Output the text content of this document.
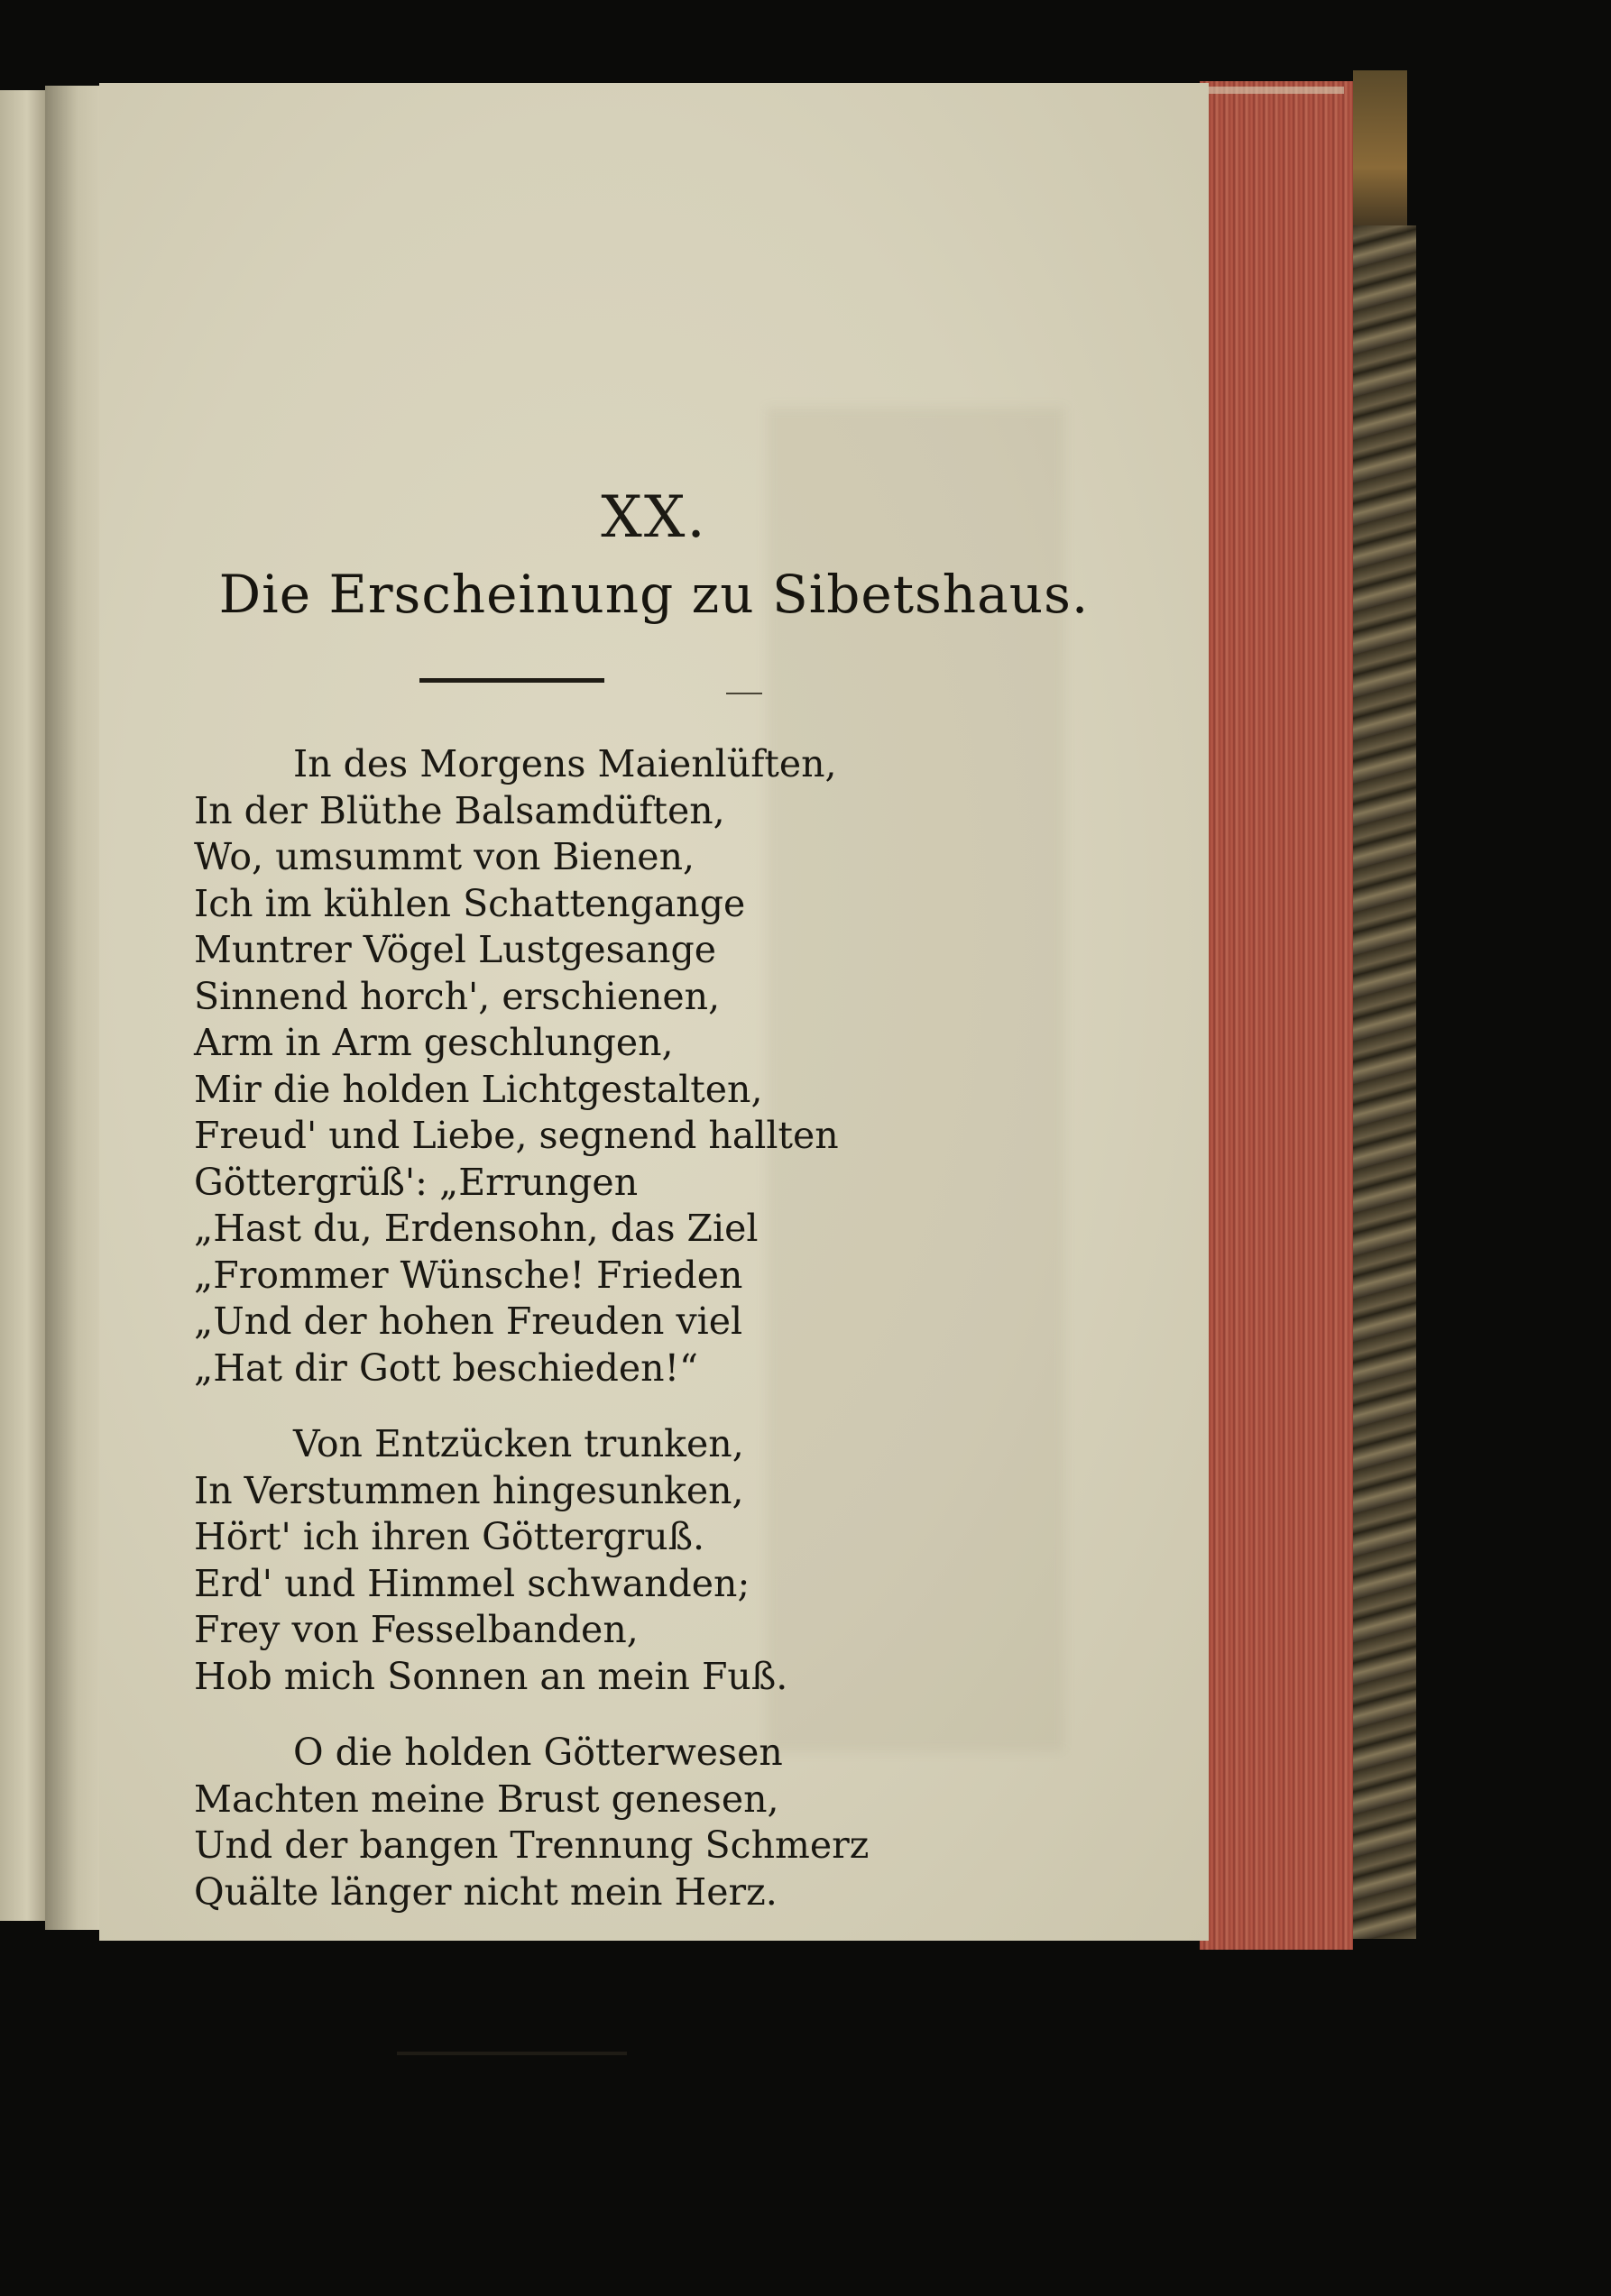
XX.
Die Erscheinung zu Sibetshaus.
In des Morgens Maienlüften,
In der Blüthe Balsamdüften,
Wo, umsummt von Bienen,
Ich im kühlen Schattengange
Muntrer Vögel Lustgesange
Sinnend horch', erschienen,
Arm in Arm geschlungen,
Mir die holden Lichtgestalten,
Freud' und Liebe, segnend hallten
Göttergrüß': „Errungen
„Hast du, Erdensohn, das Ziel
„Frommer Wünsche! Frieden
„Und der hohen Freuden viel
„Hat dir Gott beschieden!“
Von Entzücken trunken,
In Verstummen hingesunken,
Hört' ich ihren Göttergruß.
Erd' und Himmel schwanden;
Frey von Fesselbanden,
Hob mich Sonnen an mein Fuß.
O die holden Götterwesen
Machten meine Brust genesen,
Und der bangen Trennung Schmerz
Quälte länger nicht mein Herz.
